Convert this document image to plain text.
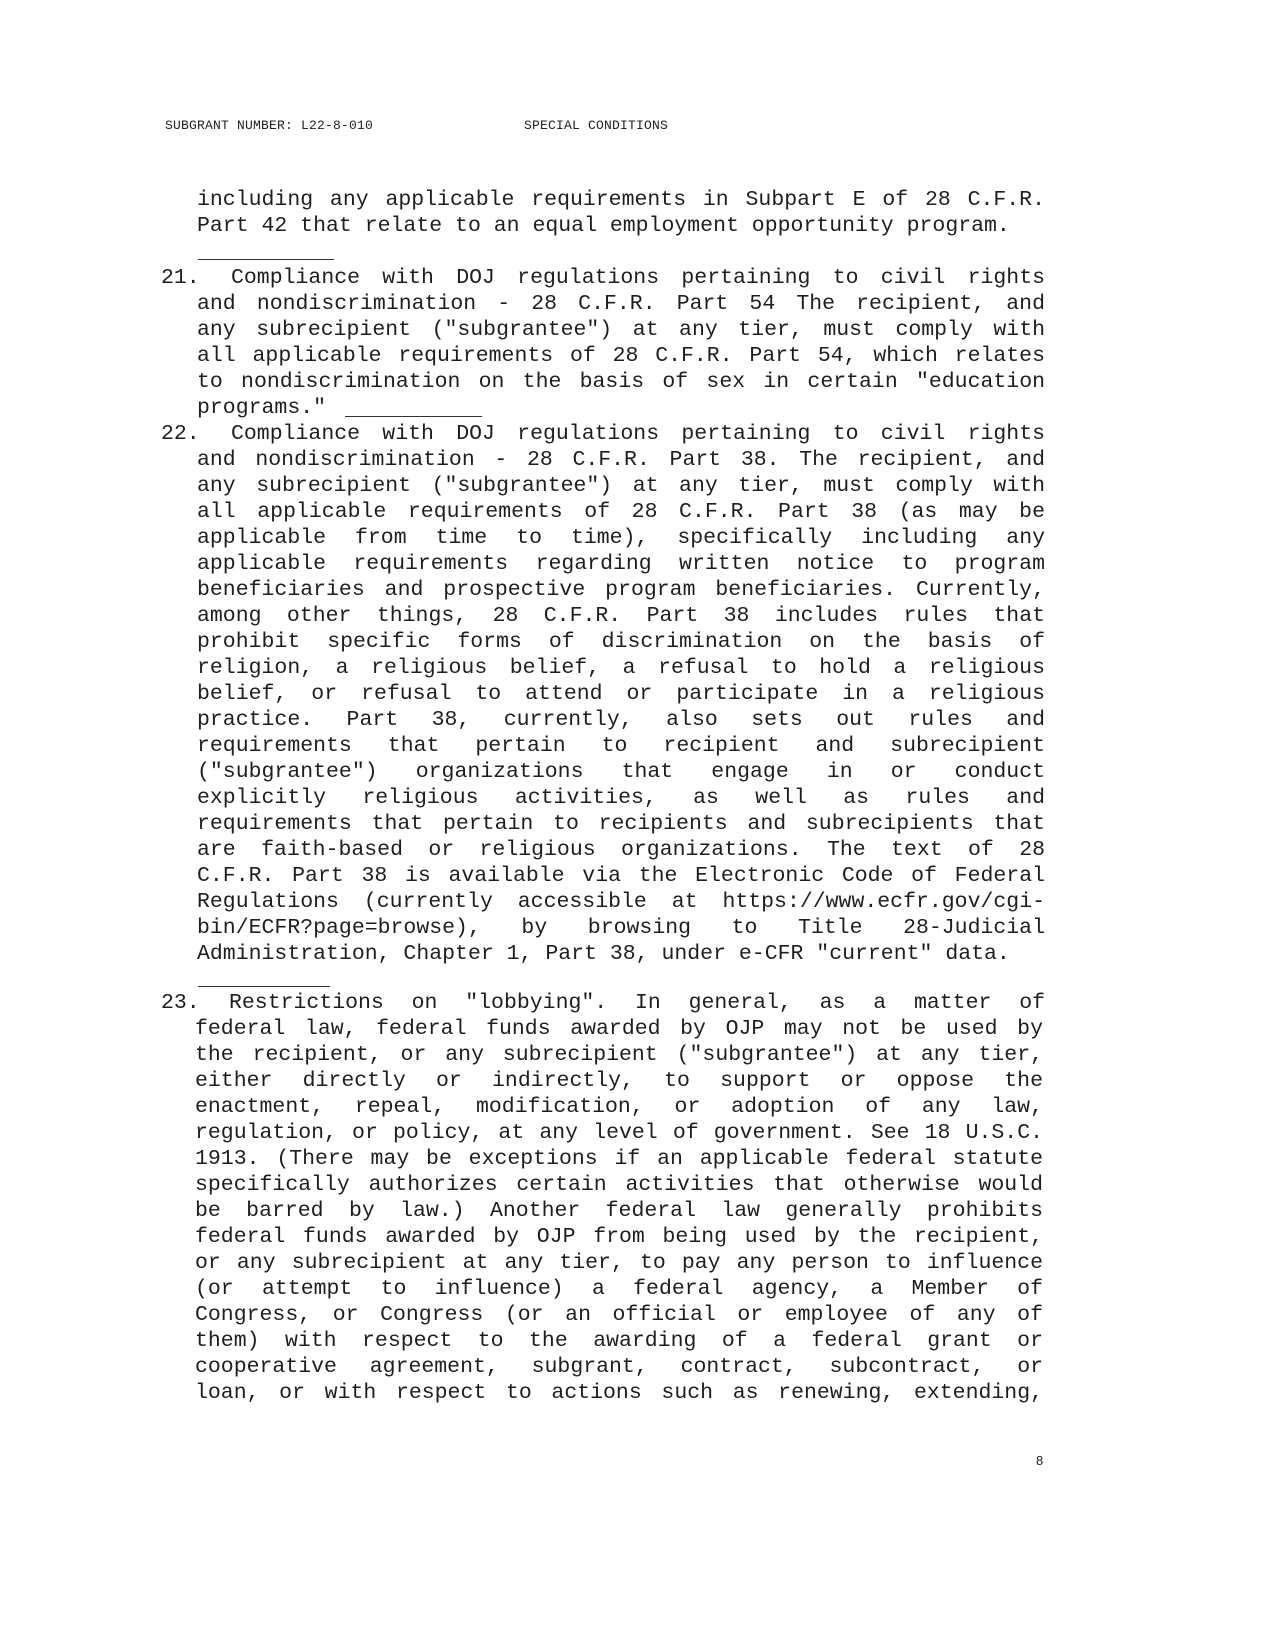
SUBGRANT NUMBER: L22-8-010	SPECIAL CONDITIONS
including any applicable requirements in Subpart E of 28 C.F.R.
Part 42 that relate to an equal employment opportunity program.
21. Compliance with DOJ regulations pertaining to civil rights
and nondiscrimination - 28 C.F.R. Part 54 The recipient, and
any subrecipient ("subgrantee") at any tier, must comply with
all applicable requirements of 28 C.F.R. Part 54, which relates
to nondiscrimination on the basis of sex in certain "education
programs."
22. Compliance with DOJ regulations pertaining to civil rights
and nondiscrimination - 28 C.F.R. Part 38. The recipient, and
any subrecipient ("subgrantee") at any tier, must comply with
all applicable requirements of 28 C.F.R. Part 38 (as may be
applicable from time to time), specifically including any
applicable requirements regarding written notice to program
beneficiaries and prospective program beneficiaries. Currently,
among other things, 28 C.F.R. Part 38 includes rules that
prohibit specific forms of discrimination on the basis of
religion, a religious belief, a refusal to hold a religious
belief, or refusal to attend or participate in a religious
practice. Part 38, currently, also sets out rules and
requirements that pertain to recipient and subrecipient
("subgrantee") organizations that engage in or conduct
explicitly religious activities, as well as rules and
requirements that pertain to recipients and subrecipients that
are faith-based or religious organizations. The text of 28
C.F.R. Part 38 is available via the Electronic Code of Federal
Regulations (currently accessible at https://www.ecfr.gov/cgi-
bin/ECFR?page=browse), by browsing to Title 28-Judicial
Administration, Chapter 1, Part 38, under e-CFR "current" data.
23. Restrictions on "lobbying". In general, as a matter of
federal law, federal funds awarded by OJP may not be used by
the recipient, or any subrecipient ("subgrantee") at any tier,
either directly or indirectly, to support or oppose the
enactment, repeal, modification, or adoption of any law,
regulation, or policy, at any level of government. See 18 U.S.C.
1913. (There may be exceptions if an applicable federal statute
specifically authorizes certain activities that otherwise would
be barred by law.) Another federal law generally prohibits
federal funds awarded by OJP from being used by the recipient,
or any subrecipient at any tier, to pay any person to influence
(or attempt to influence) a federal agency, a Member of
Congress, or Congress (or an official or employee of any of
them) with respect to the awarding of a federal grant or
cooperative agreement, subgrant, contract, subcontract, or
loan, or with respect to actions such as renewing, extending,
8
